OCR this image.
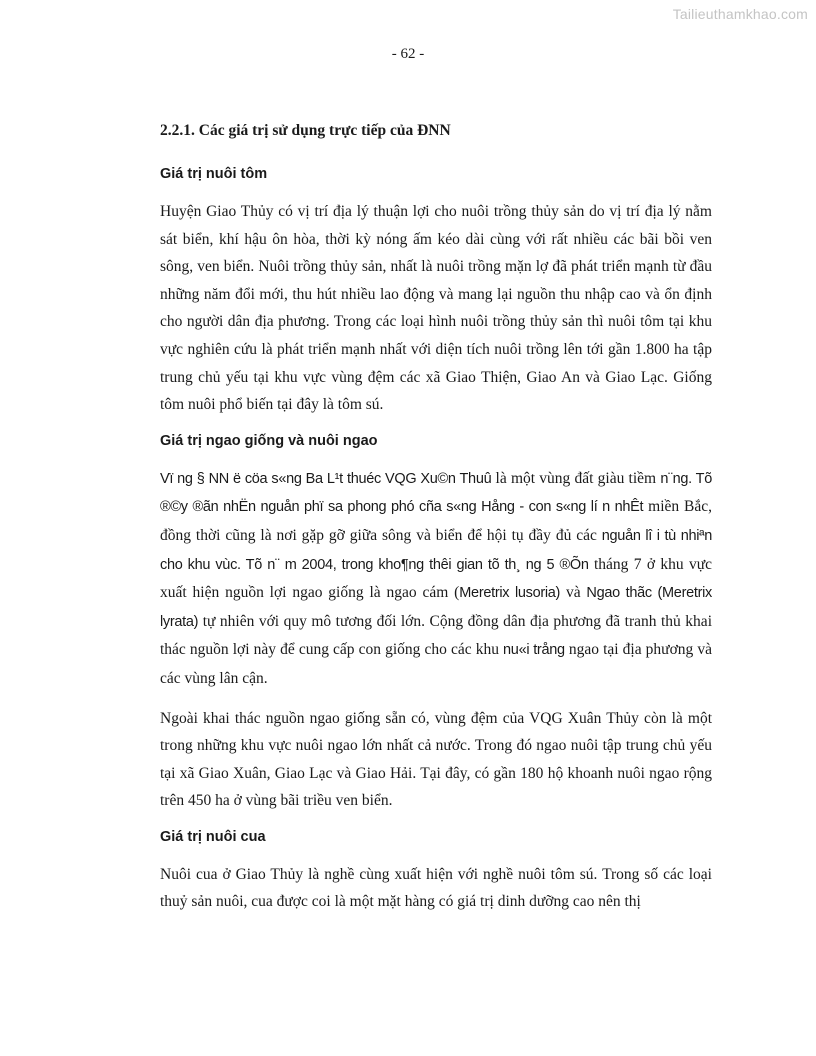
Tailieuthamkhao.com
- 62 -
2.2.1. Các giá trị sử dụng trực tiếp của ĐNN
Giá trị nuôi tôm

Huyện Giao Thủy có vị trí địa lý thuận lợi cho nuôi trồng thủy sản do vị trí địa lý nằm sát biển, khí hậu ôn hòa, thời kỳ nóng ấm kéo dài cùng với rất nhiều các bãi bồi ven sông, ven biển. Nuôi trồng thủy sản, nhất là nuôi trồng mặn lợ đã phát triển mạnh từ đầu những năm đổi mới, thu hút nhiều lao động và mang lại nguồn thu nhập cao và ổn định cho người dân địa phương. Trong các loại hình nuôi trồng thủy sản thì nuôi tôm tại khu vực nghiên cứu là phát triển mạnh nhất với diện tích nuôi trồng lên tới gần 1.800 ha tập trung chủ yếu tại khu vực vùng đệm các xã Giao Thiện, Giao An và Giao Lạc. Giống tôm nuôi phổ biến tại đây là tôm sú.

Giá trị ngao giống và nuôi ngao

Vï ng § NN ë cöa s«ng Ba L¹t thuéc VQG Xu©n Thuû là một vùng đất giàu tiềm n¨ng. Tõ ®©y ®ãn nhËn nguån phï sa phong phó cña s«ng Hång - con s«ng lí n nhÊt miền Bắc, đồng thời cũng là nơi gặp gỡ giữa sông và biển để hội tụ đầy đủ các nguån lî i tù nhiªn cho khu vùc. Tõ n¨ m 2004, trong kho¶ng thêi gian tõ th¸ ng 5 ®Õn tháng 7 ở khu vực xuất hiện nguồn lợi ngao giống là ngao cám (Meretrix lusoria) và Ngao thãc (Meretrix lyrata) tự nhiên với quy mô tương đối lớn. Cộng đồng dân địa phương đã tranh thủ khai thác nguồn lợi này để cung cấp con giống cho các khu nu«i trång ngao tại địa phương và các vùng lân cận.

Ngoài khai thác nguồn ngao giống sẵn có, vùng đệm của VQG Xuân Thủy còn là một trong những khu vực nuôi ngao lớn nhất cả nước. Trong đó ngao nuôi tập trung chủ yếu tại xã Giao Xuân, Giao Lạc và Giao Hải. Tại đây, có gần 180 hộ khoanh nuôi ngao rộng trên 450 ha ở vùng bãi triều ven biển.

Giá trị nuôi cua

Nuôi cua ở Giao Thủy là nghề cùng xuất hiện với nghề nuôi tôm sú. Trong số các loại thuỷ sản nuôi, cua được coi là một mặt hàng có giá trị dinh dưỡng cao nên thị
